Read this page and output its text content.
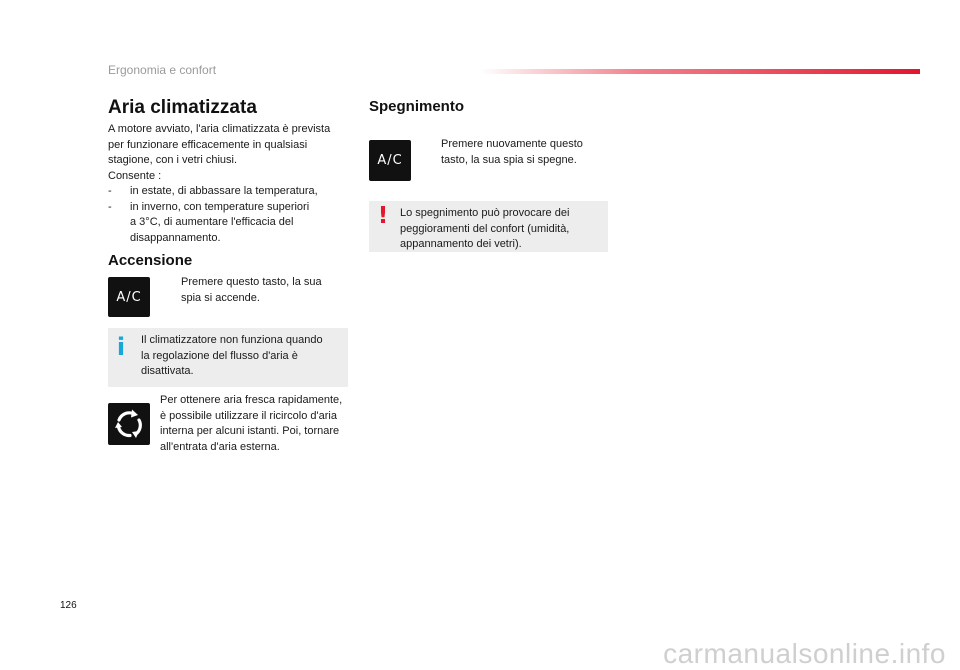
Ergonomia e confort
Aria climatizzata

A motore avviato, l'aria climatizzata è prevista

per funzionare efficacemente in qualsiasi

stagione, con i vetri chiusi.

Consente :

-	in estate, di abbassare la temperatura,
-	in inverno, con temperature superiori
a 3°C, di aumentare l'efficacia del
disappannamento.
Accensione
A/C
Premere questo tasto, la sua
spia si accende.
i Il climatizzatore non funziona quando
la regolazione del flusso d'aria è
disattivata.
Per ottenere aria fresca rapidamente,
è possibile utilizzare il ricircolo d'aria
interna per alcuni istanti. Poi, tornare
all'entrata d'aria esterna.
Spegnimento
A/C
Premere nuovamente questo
tasto, la sua spia si spegne.
! Lo spegnimento può provocare dei
peggioramenti del confort (umidità,
appannamento dei vetri).
126
carmanualsonline.info
